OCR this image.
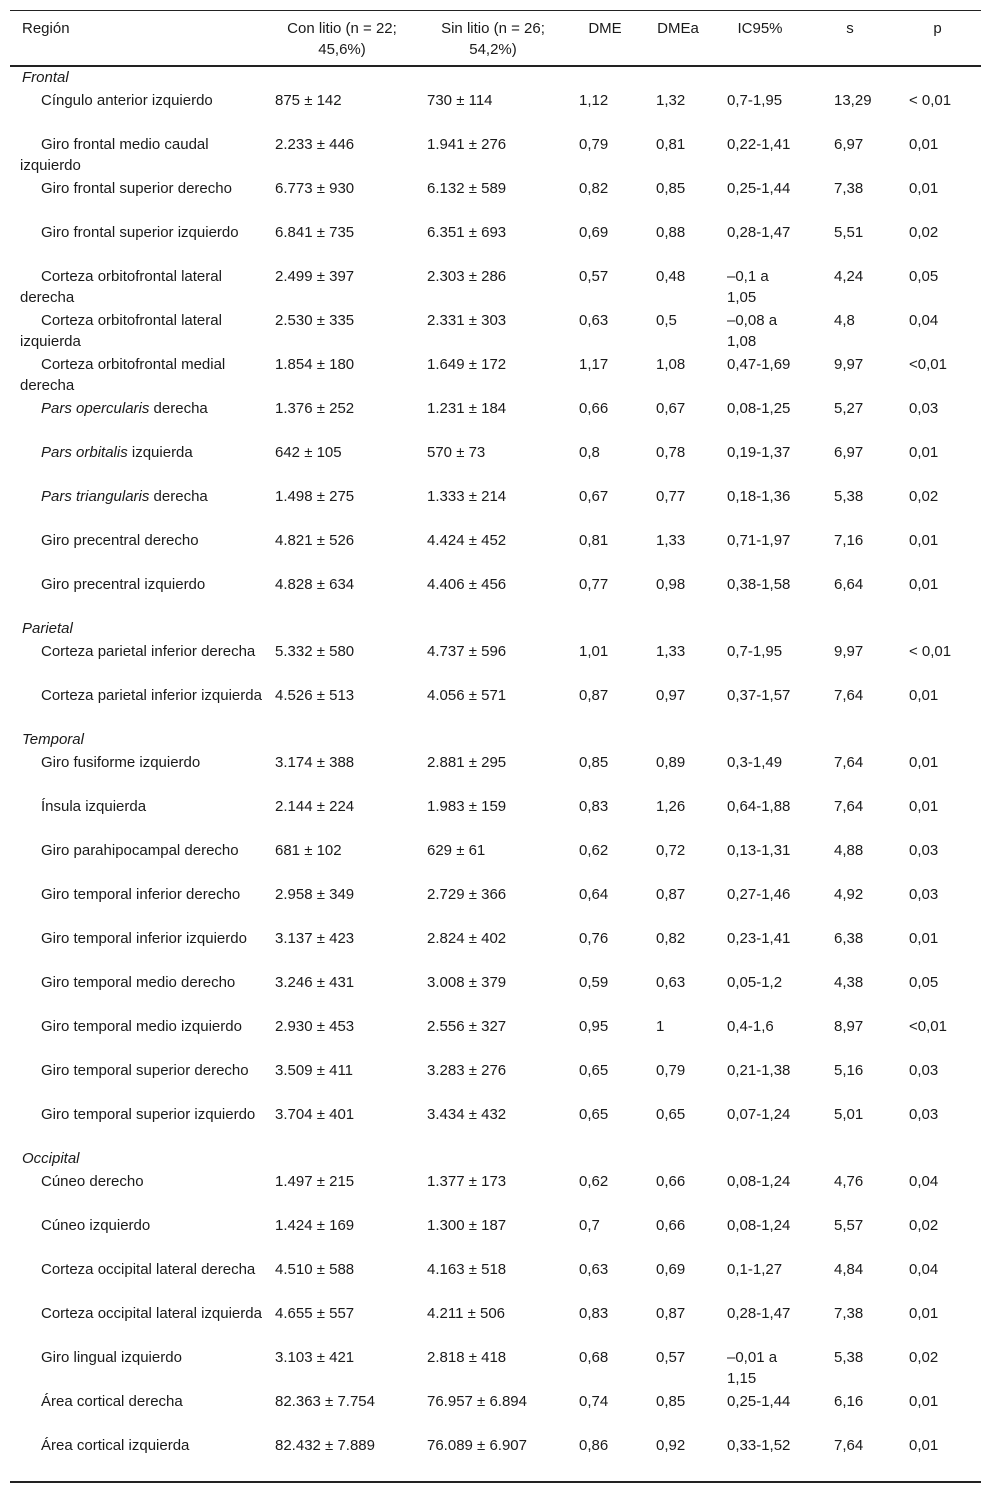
Región	Con litio (n = 22; 45,6%)	Sin litio (n = 26; 54,2%)	DME	DMEa	IC95%	s	p
Frontal							
Cíngulo anterior izquierdo	875 ± 142	730 ± 114	1,12	1,32	0,7-1,95	13,29	< 0,01
Giro frontal medio caudal izquierdo	2.233 ± 446	1.941 ± 276	0,79	0,81	0,22-1,41	6,97	0,01
Giro frontal superior derecho	6.773 ± 930	6.132 ± 589	0,82	0,85	0,25-1,44	7,38	0,01
Giro frontal superior izquierdo	6.841 ± 735	6.351 ± 693	0,69	0,88	0,28-1,47	5,51	0,02
Corteza orbitofrontal lateral derecha	2.499 ± 397	2.303 ± 286	0,57	0,48	–0,1 a 1,05	4,24	0,05
Corteza orbitofrontal lateral izquierda	2.530 ± 335	2.331 ± 303	0,63	0,5	–0,08 a 1,08	4,8	0,04
Corteza orbitofrontal medial derecha	1.854 ± 180	1.649 ± 172	1,17	1,08	0,47-1,69	9,97	<0,01
Pars opercularis derecha	1.376 ± 252	1.231 ± 184	0,66	0,67	0,08-1,25	5,27	0,03
Pars orbitalis izquierda	642 ± 105	570 ± 73	0,8	0,78	0,19-1,37	6,97	0,01
Pars triangularis derecha	1.498 ± 275	1.333 ± 214	0,67	0,77	0,18-1,36	5,38	0,02
Giro precentral derecho	4.821 ± 526	4.424 ± 452	0,81	1,33	0,71-1,97	7,16	0,01
Giro precentral izquierdo	4.828 ± 634	4.406 ± 456	0,77	0,98	0,38-1,58	6,64	0,01
Parietal							
Corteza parietal inferior derecha	5.332 ± 580	4.737 ± 596	1,01	1,33	0,7-1,95	9,97	< 0,01
Corteza parietal inferior izquierda	4.526 ± 513	4.056 ± 571	0,87	0,97	0,37-1,57	7,64	0,01
Temporal							
Giro fusiforme izquierdo	3.174 ± 388	2.881 ± 295	0,85	0,89	0,3-1,49	7,64	0,01
Ínsula izquierda	2.144 ± 224	1.983 ± 159	0,83	1,26	0,64-1,88	7,64	0,01
Giro parahipocampal derecho	681 ± 102	629 ± 61	0,62	0,72	0,13-1,31	4,88	0,03
Giro temporal inferior derecho	2.958 ± 349	2.729 ± 366	0,64	0,87	0,27-1,46	4,92	0,03
Giro temporal inferior izquierdo	3.137 ± 423	2.824 ± 402	0,76	0,82	0,23-1,41	6,38	0,01
Giro temporal medio derecho	3.246 ± 431	3.008 ± 379	0,59	0,63	0,05-1,2	4,38	0,05
Giro temporal medio izquierdo	2.930 ± 453	2.556 ± 327	0,95	1	0,4-1,6	8,97	<0,01
Giro temporal superior derecho	3.509 ± 411	3.283 ± 276	0,65	0,79	0,21-1,38	5,16	0,03
Giro temporal superior izquierdo	3.704 ± 401	3.434 ± 432	0,65	0,65	0,07-1,24	5,01	0,03
Occipital							
Cúneo derecho	1.497 ± 215	1.377 ± 173	0,62	0,66	0,08-1,24	4,76	0,04
Cúneo izquierdo	1.424 ± 169	1.300 ± 187	0,7	0,66	0,08-1,24	5,57	0,02
Corteza occipital lateral derecha	4.510 ± 588	4.163 ± 518	0,63	0,69	0,1-1,27	4,84	0,04
Corteza occipital lateral izquierda	4.655 ± 557	4.211 ± 506	0,83	0,87	0,28-1,47	7,38	0,01
Giro lingual izquierdo	3.103 ± 421	2.818 ± 418	0,68	0,57	–0,01 a 1,15	5,38	0,02
Área cortical derecha	82.363 ± 7.754	76.957 ± 6.894	0,74	0,85	0,25-1,44	6,16	0,01
Área cortical izquierda	82.432 ± 7.889	76.089 ± 6.907	0,86	0,92	0,33-1,52	7,64	0,01
